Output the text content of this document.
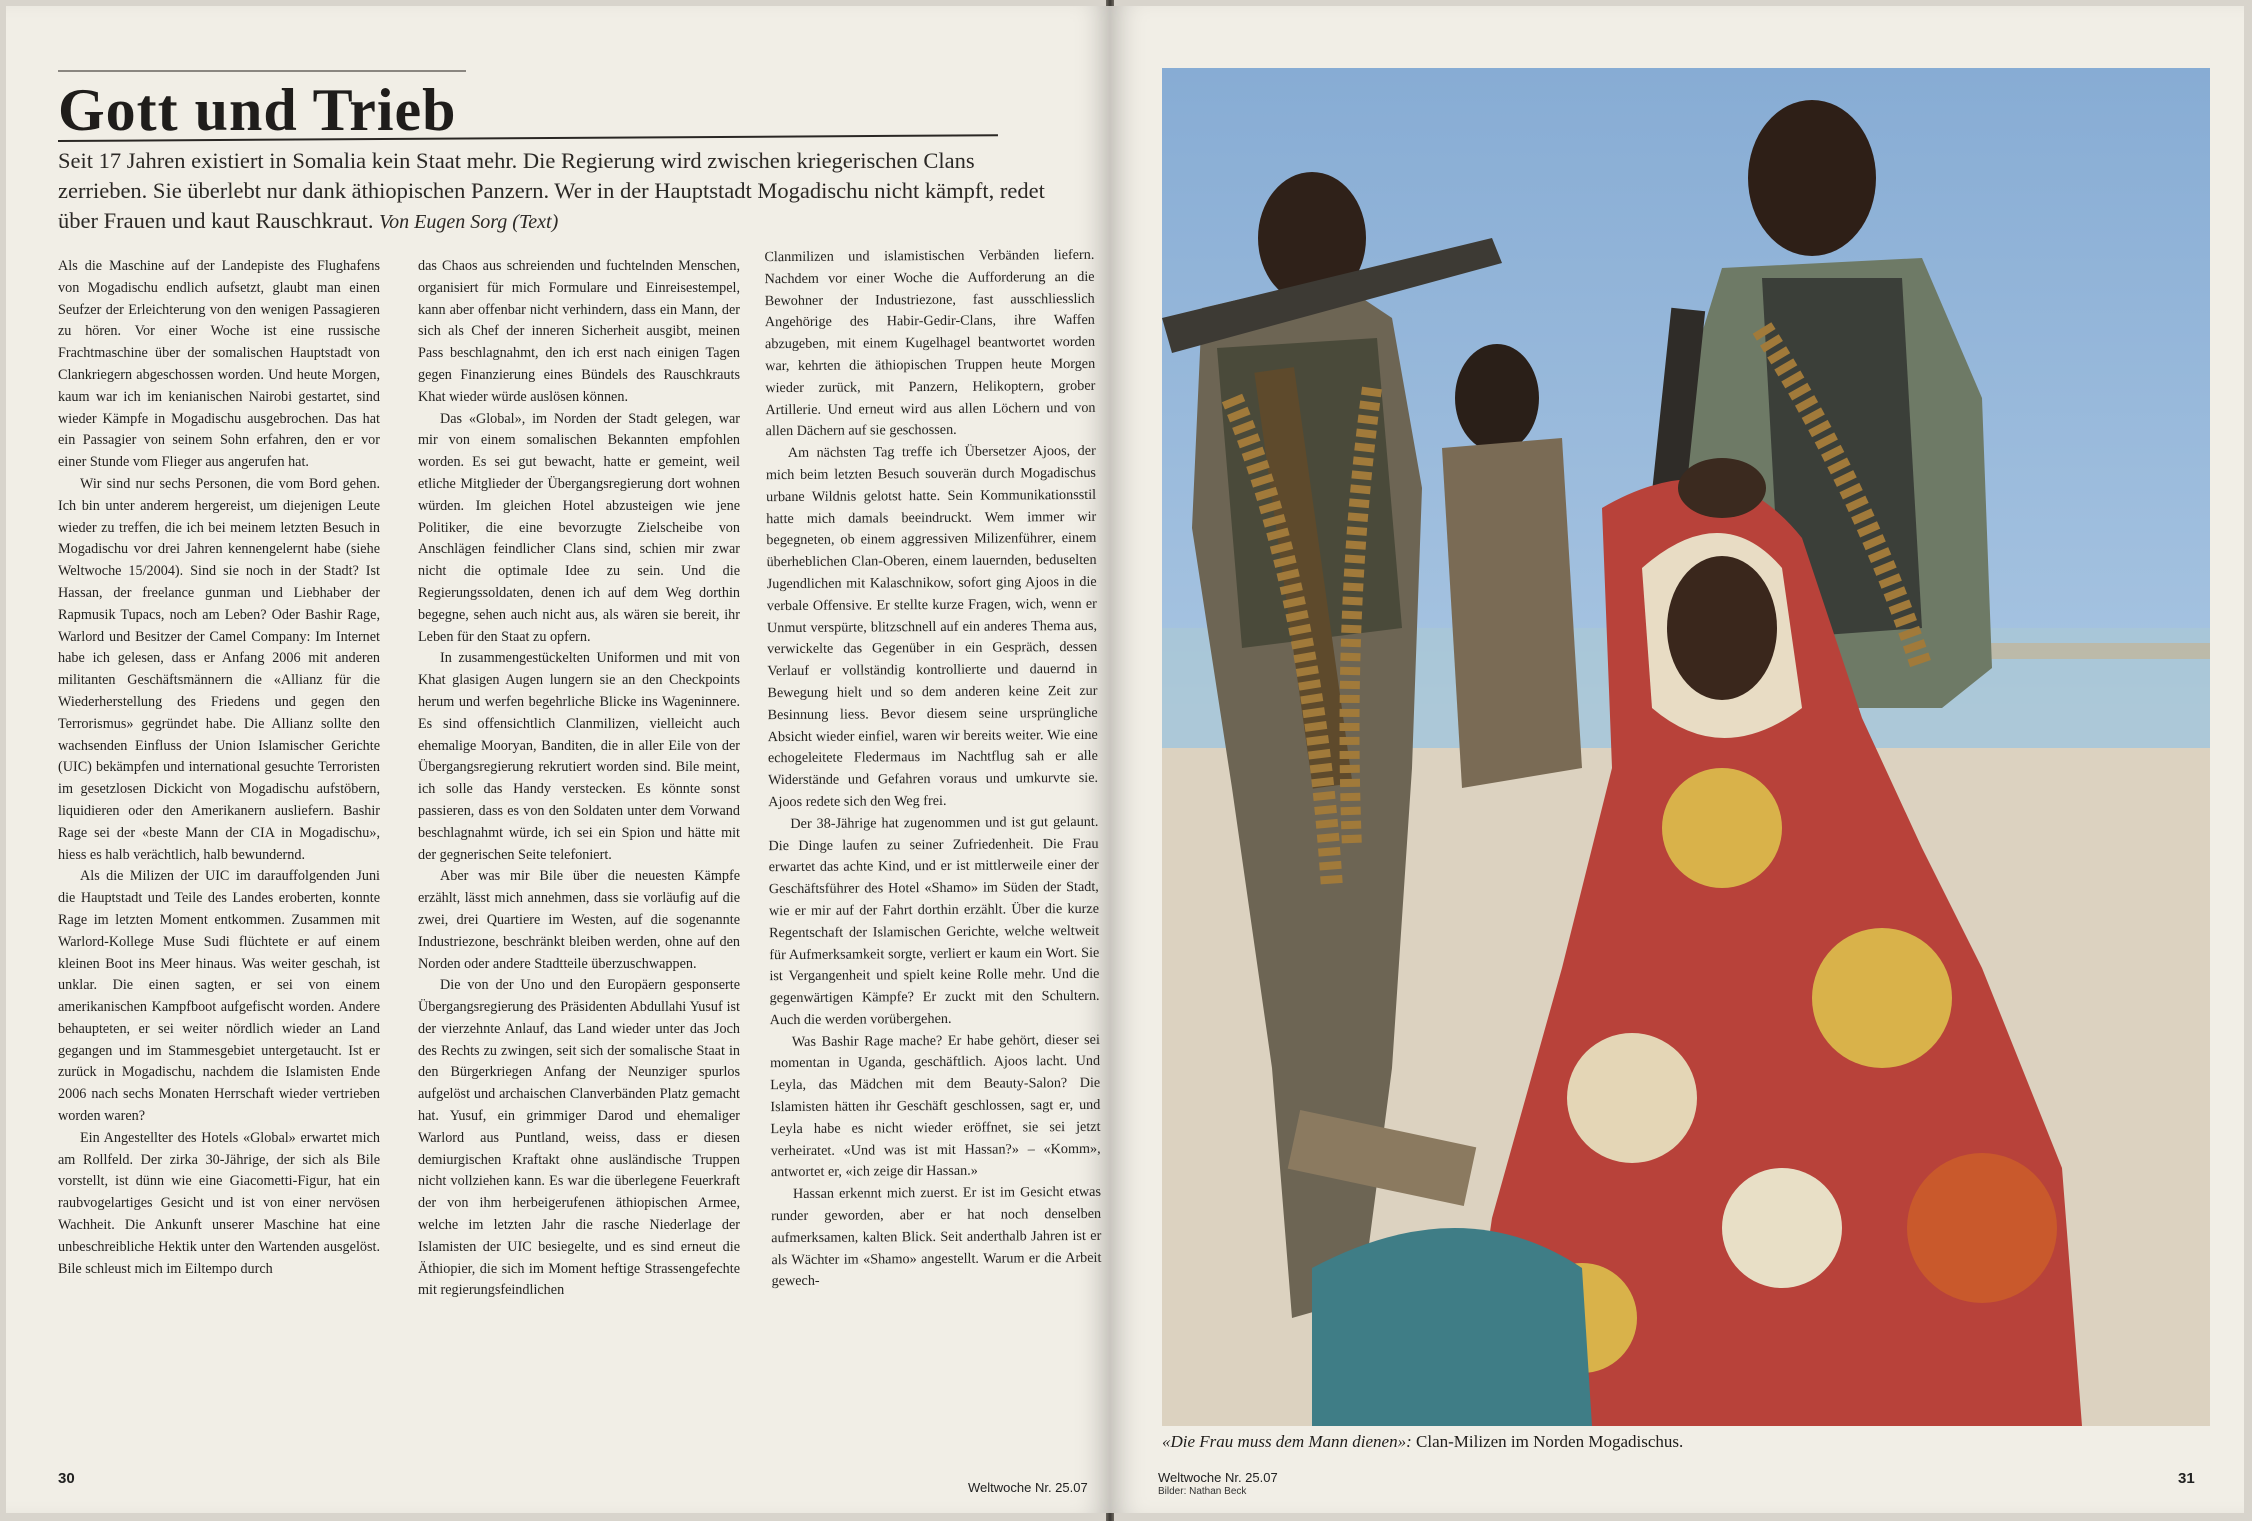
Gott und Trieb
Seit 17 Jahren existiert in Somalia kein Staat mehr. Die Regierung wird zwischen kriegerischen Clans zerrieben. Sie überlebt nur dank äthiopischen Panzern. Wer in der Hauptstadt Mogadischu nicht kämpft, redet über Frauen und kaut Rauschkraut. Von Eugen Sorg (Text)

Als die Maschine auf der Landepiste des Flughafens von Mogadischu endlich aufsetzt, glaubt man einen Seufzer der Erleichterung von den wenigen Passagieren zu hören. Vor einer Woche ist eine russische Frachtmaschine über der somalischen Hauptstadt von Clankriegern abgeschossen worden. Und heute Morgen, kaum war ich im kenianischen Nairobi gestartet, sind wieder Kämpfe in Mogadischu ausgebrochen. Das hat ein Passagier von seinem Sohn erfahren, den er vor einer Stunde vom Flieger aus angerufen hat.

Wir sind nur sechs Personen, die vom Bord gehen. Ich bin unter anderem hergereist, um diejenigen Leute wieder zu treffen, die ich bei meinem letzten Besuch in Mogadischu vor drei Jahren kennengelernt habe (siehe Weltwoche 15/2004). Sind sie noch in der Stadt? Ist Hassan, der freelance gunman und Liebhaber der Rapmusik Tupacs, noch am Leben? Oder Bashir Rage, Warlord und Besitzer der Camel Company: Im Internet habe ich gelesen, dass er Anfang 2006 mit anderen militanten Geschäftsmännern die «Allianz für die Wiederherstellung des Friedens und gegen den Terrorismus» gegründet habe. Die Allianz sollte den wachsenden Einfluss der Union Islamischer Gerichte (UIC) bekämpfen und international gesuchte Terroristen im gesetzlosen Dickicht von Mogadischu aufstöbern, liquidieren oder den Amerikanern ausliefern. Bashir Rage sei der «beste Mann der CIA in Mogadischu», hiess es halb verächtlich, halb bewundernd.

Als die Milizen der UIC im darauffolgenden Juni die Hauptstadt und Teile des Landes eroberten, konnte Rage im letzten Moment entkommen. Zusammen mit Warlord-Kollege Muse Sudi flüchtete er auf einem kleinen Boot ins Meer hinaus. Was weiter geschah, ist unklar. Die einen sagten, er sei von einem amerikanischen Kampfboot aufgefischt worden. Andere behaupteten, er sei weiter nördlich wieder an Land gegangen und im Stammesgebiet untergetaucht. Ist er zurück in Mogadischu, nachdem die Islamisten Ende 2006 nach sechs Monaten Herrschaft wieder vertrieben worden waren?

Ein Angestellter des Hotels «Global» erwartet mich am Rollfeld. Der zirka 30-Jährige, der sich als Bile vorstellt, ist dünn wie eine Giacometti-Figur, hat ein raubvogelartiges Gesicht und ist von einer nervösen Wachheit. Die Ankunft unserer Maschine hat eine unbeschreibliche Hektik unter den Wartenden ausgelöst. Bile schleust mich im Eiltempo durch

das Chaos aus schreienden und fuchtelnden Menschen, organisiert für mich Formulare und Einreisestempel, kann aber offenbar nicht verhindern, dass ein Mann, der sich als Chef der inneren Sicherheit ausgibt, meinen Pass beschlagnahmt, den ich erst nach einigen Tagen gegen Finanzierung eines Bündels des Rauschkrauts Khat wieder würde auslösen können.

Das «Global», im Norden der Stadt gelegen, war mir von einem somalischen Bekannten empfohlen worden. Es sei gut bewacht, hatte er gemeint, weil etliche Mitglieder der Übergangsregierung dort wohnen würden. Im gleichen Hotel abzusteigen wie jene Politiker, die eine bevorzugte Zielscheibe von Anschlägen feindlicher Clans sind, schien mir zwar nicht die optimale Idee zu sein. Und die Regierungssoldaten, denen ich auf dem Weg dorthin begegne, sehen auch nicht aus, als wären sie bereit, ihr Leben für den Staat zu opfern.

In zusammengestückelten Uniformen und mit von Khat glasigen Augen lungern sie an den Checkpoints herum und werfen begehrliche Blicke ins Wageninnere. Es sind offensichtlich Clanmilizen, vielleicht auch ehemalige Mooryan, Banditen, die in aller Eile von der Übergangsregierung rekrutiert worden sind. Bile meint, ich solle das Handy verstecken. Es könnte sonst passieren, dass es von den Soldaten unter dem Vorwand beschlagnahmt würde, ich sei ein Spion und hätte mit der gegnerischen Seite telefoniert.

Aber was mir Bile über die neuesten Kämpfe erzählt, lässt mich annehmen, dass sie vorläufig auf die zwei, drei Quartiere im Westen, auf die sogenannte Industriezone, beschränkt bleiben werden, ohne auf den Norden oder andere Stadtteile überzuschwappen.

Die von der Uno und den Europäern gesponserte Übergangsregierung des Präsidenten Abdullahi Yusuf ist der vierzehnte Anlauf, das Land wieder unter das Joch des Rechts zu zwingen, seit sich der somalische Staat in den Bürgerkriegen Anfang der Neunziger spurlos aufgelöst und archaischen Clanverbänden Platz gemacht hat. Yusuf, ein grimmiger Darod und ehemaliger Warlord aus Puntland, weiss, dass er diesen demiurgischen Kraftakt ohne ausländische Truppen nicht vollziehen kann. Es war die überlegene Feuerkraft der von ihm herbeigerufenen äthiopischen Armee, welche im letzten Jahr die rasche Niederlage der Islamisten der UIC besiegelte, und es sind erneut die Äthiopier, die sich im Moment heftige Strassengefechte mit regierungsfeindlichen

Clanmilizen und islamistischen Verbänden liefern. Nachdem vor einer Woche die Aufforderung an die Bewohner der Industriezone, fast ausschliesslich Angehörige des Habir-Gedir-Clans, ihre Waffen abzugeben, mit einem Kugelhagel beantwortet worden war, kehrten die äthiopischen Truppen heute Morgen wieder zurück, mit Panzern, Helikoptern, grober Artillerie. Und erneut wird aus allen Löchern und von allen Dächern auf sie geschossen.

Am nächsten Tag treffe ich Übersetzer Ajoos, der mich beim letzten Besuch souverän durch Mogadischus urbane Wildnis gelotst hatte. Sein Kommunikationsstil hatte mich damals beeindruckt. Wem immer wir begegneten, ob einem aggressiven Milizenführer, einem überheblichen Clan-Oberen, einem lauernden, beduselten Jugendlichen mit Kalaschnikow, sofort ging Ajoos in die verbale Offensive. Er stellte kurze Fragen, wich, wenn er Unmut verspürte, blitzschnell auf ein anderes Thema aus, verwickelte das Gegenüber in ein Gespräch, dessen Verlauf er vollständig kontrollierte und dauernd in Bewegung hielt und so dem anderen keine Zeit zur Besinnung liess. Bevor diesem seine ursprüngliche Absicht wieder einfiel, waren wir bereits weiter. Wie eine echogeleitete Fledermaus im Nachtflug sah er alle Widerstände und Gefahren voraus und umkurvte sie. Ajoos redete sich den Weg frei.

Der 38-Jährige hat zugenommen und ist gut gelaunt. Die Dinge laufen zu seiner Zufriedenheit. Die Frau erwartet das achte Kind, und er ist mittlerweile einer der Geschäftsführer des Hotel «Shamo» im Süden der Stadt, wie er mir auf der Fahrt dorthin erzählt. Über die kurze Regentschaft der Islamischen Gerichte, welche weltweit für Aufmerksamkeit sorgte, verliert er kaum ein Wort. Sie ist Vergangenheit und spielt keine Rolle mehr. Und die gegenwärtigen Kämpfe? Er zuckt mit den Schultern. Auch die werden vorübergehen.

Was Bashir Rage mache? Er habe gehört, dieser sei momentan in Uganda, geschäftlich. Ajoos lacht. Und Leyla, das Mädchen mit dem Beauty-Salon? Die Islamisten hätten ihr Geschäft geschlossen, sagt er, und Leyla habe es nicht wieder eröffnet, sie sei jetzt verheiratet. «Und was ist mit Hassan?» – «Komm», antwortet er, «ich zeige dir Hassan.»

Hassan erkennt mich zuerst. Er ist im Gesicht etwas runder geworden, aber er hat noch denselben aufmerksamen, kalten Blick. Seit anderthalb Jahren ist er als Wächter im «Shamo» angestellt. Warum er die Arbeit gewech-

30
Weltwoche Nr. 25.07
«Die Frau muss dem Mann dienen»: Clan-Milizen im Norden Mogadischus.
Weltwoche Nr. 25.07
Bilder: Nathan Beck
31
